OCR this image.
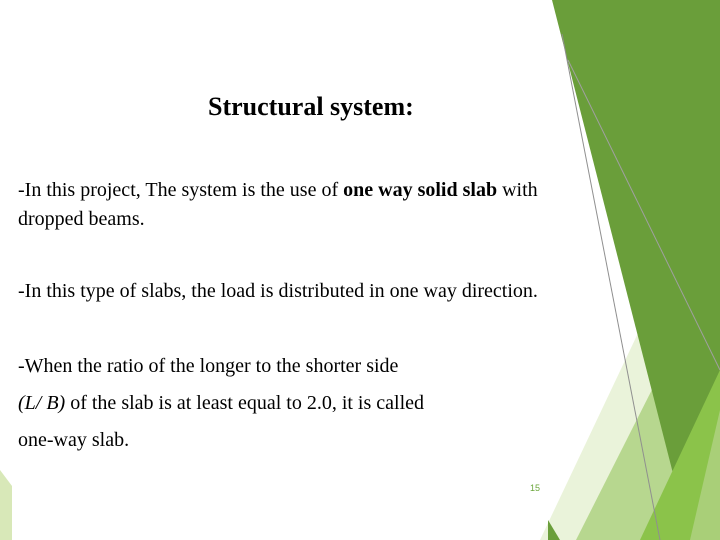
Structural system:
-In this project, The system is the use of one way solid slab with
dropped beams.
-In this type of slabs, the load is distributed in one way direction.
-When the ratio of the longer to the shorter side
(L/ B) of the slab is at least equal to 2.0, it is called
one-way slab.
15
